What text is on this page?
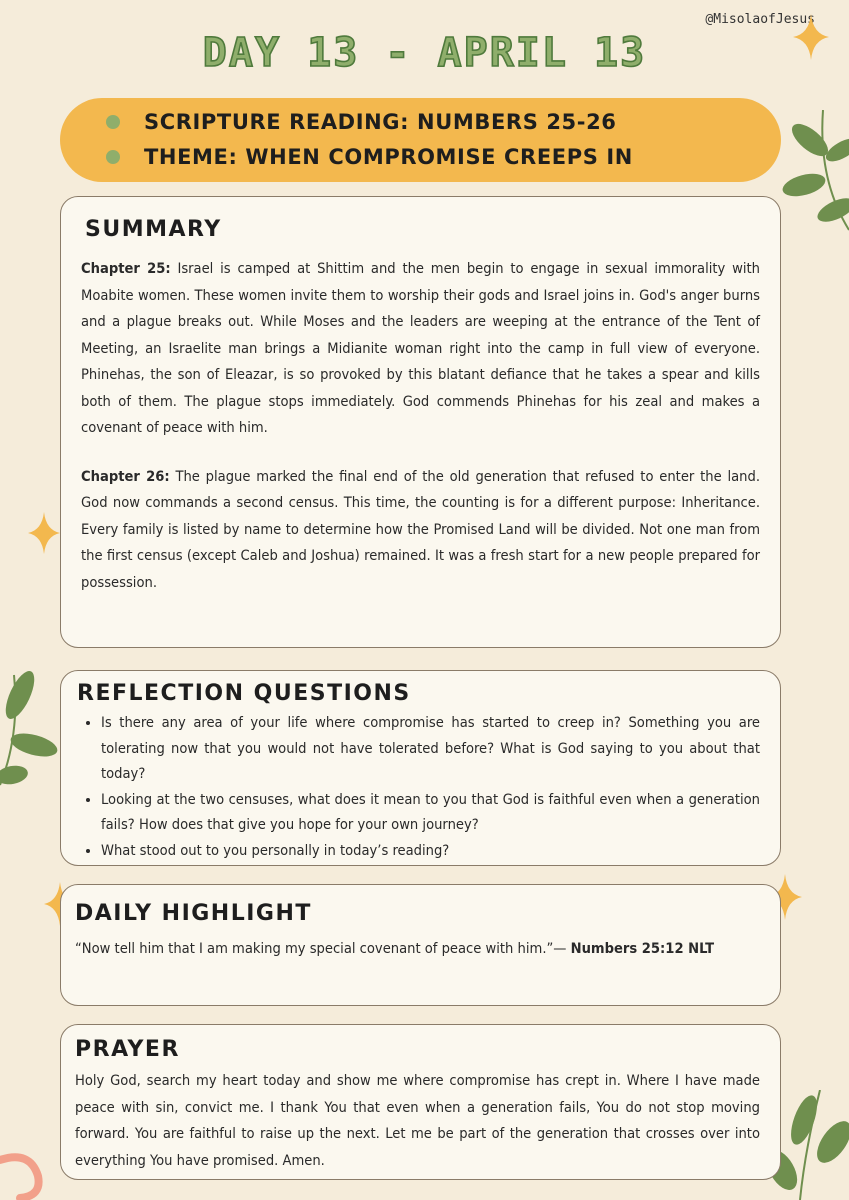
@MisolaofJesus
DAY 13 - APRIL 13
SCRIPTURE READING: NUMBERS 25-26
THEME: WHEN COMPROMISE CREEPS IN
SUMMARY

Chapter 25: Israel is camped at Shittim and the men begin to engage in sexual immorality with Moabite women. These women invite them to worship their gods and Israel joins in. God's anger burns and a plague breaks out. While Moses and the leaders are weeping at the entrance of the Tent of Meeting, an Israelite man brings a Midianite woman right into the camp in full view of everyone. Phinehas, the son of Eleazar, is so provoked by this blatant defiance that he takes a spear and kills both of them. The plague stops immediately. God commends Phinehas for his zeal and makes a covenant of peace with him.

Chapter 26: The plague marked the final end of the old generation that refused to enter the land. God now commands a second census. This time, the counting is for a different purpose: Inheritance. Every family is listed by name to determine how the Promised Land will be divided. Not one man from the first census (except Caleb and Joshua) remained. It was a fresh start for a new people prepared for possession.

REFLECTION QUESTIONS
• Is there any area of your life where compromise has started to creep in? Something you are tolerating now that you would not have tolerated before? What is God saying to you about that today?
• Looking at the two censuses, what does it mean to you that God is faithful even when a generation fails? How does that give you hope for your own journey?
• What stood out to you personally in today’s reading?
DAILY HIGHLIGHT

“Now tell him that I am making my special covenant of peace with him.”— Numbers 25:12 NLT

PRAYER

Holy God, search my heart today and show me where compromise has crept in. Where I have made peace with sin, convict me. I thank You that even when a generation fails, You do not stop moving forward. You are faithful to raise up the next. Let me be part of the generation that crosses over into everything You have promised. Amen.
